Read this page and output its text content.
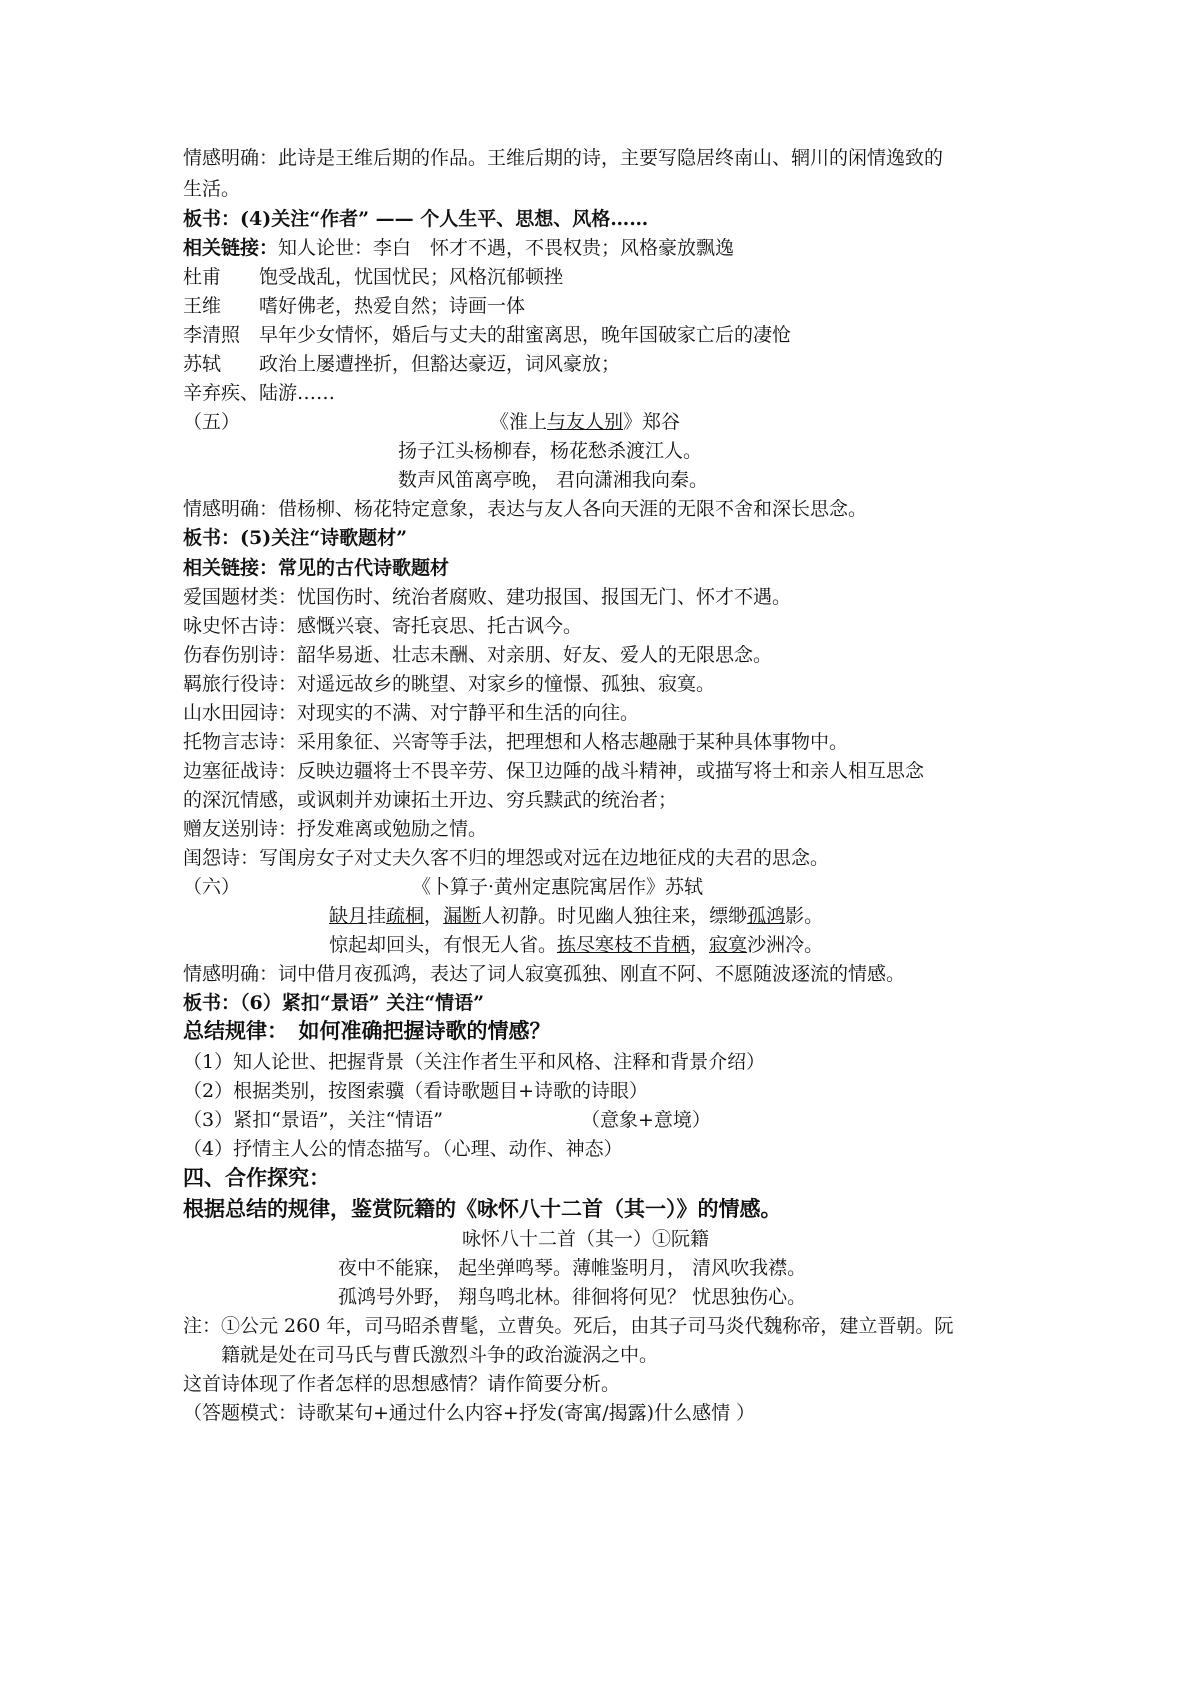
情感明确：此诗是王维后期的作品。王维后期的诗，主要写隐居终南山、辋川的闲情逸致的
生活。
板书：(4)关注“作者” —— 个人生平、思想、风格……
相关链接：知人论世：李白　怀才不遇，不畏权贵；风格豪放飘逸
杜甫 饱受战乱，忧国忧民；风格沉郁顿挫
王维 嗜好佛老，热爱自然；诗画一体
李清照 早年少女情怀，婚后与丈夫的甜蜜离思，晚年国破家亡后的凄怆
苏轼 政治上屡遭挫折，但豁达豪迈，词风豪放；
辛弃疾、陆游……
（五）	《淮上与友人别》郑谷
扬子江头杨柳春，杨花愁杀渡江人。
数声风笛离亭晚， 君向潇湘我向秦。
情感明确：借杨柳、杨花特定意象，表达与友人各向天涯的无限不舍和深长思念。
板书：(5)关注“诗歌题材”
相关链接：常见的古代诗歌题材
爱国题材类：忧国伤时、统治者腐败、建功报国、报国无门、怀才不遇。
咏史怀古诗：感慨兴衰、寄托哀思、托古讽今。
伤春伤别诗：韶华易逝、壮志未酬、对亲朋、好友、爱人的无限思念。
羁旅行役诗：对遥远故乡的眺望、对家乡的憧憬、孤独、寂寞。
山水田园诗：对现实的不满、对宁静平和生活的向往。
托物言志诗：采用象征、兴寄等手法，把理想和人格志趣融于某种具体事物中。
边塞征战诗：反映边疆将士不畏辛劳、保卫边陲的战斗精神，或描写将士和亲人相互思念
的深沉情感，或讽刺并劝谏拓土开边、穷兵黩武的统治者；
赠友送别诗：抒发难离或勉励之情。
闺怨诗：写闺房女子对丈夫久客不归的埋怨或对远在边地征戍的夫君的思念。
（六）	《卜算子·黄州定惠院寓居作》苏轼
缺月挂疏桐，漏断人初静。时见幽人独往来，缥缈孤鸿影。
惊起却回头，有恨无人省。拣尽寒枝不肯栖，寂寞沙洲冷。
情感明确：词中借月夜孤鸿，表达了词人寂寞孤独、刚直不阿、不愿随波逐流的情感。
板书：（6）紧扣“景语” 关注“情语”
总结规律：　如何准确把握诗歌的情感？
（1）知人论世、把握背景（关注作者生平和风格、注释和背景介绍）
（2）根据类别，按图索骥（看诗歌题目+诗歌的诗眼）
（3）紧扣“景语”，关注“情语”	（意象+意境）
（4）抒情主人公的情态描写。（心理、动作、神态）
四、合作探究：
根据总结的规律，鉴赏阮籍的《咏怀八十二首（其一）》的情感。
咏怀八十二首（其一）①阮籍
夜中不能寐， 起坐弹鸣琴。薄帷鉴明月， 清风吹我襟。
孤鸿号外野， 翔鸟鸣北林。徘徊将何见？ 忧思独伤心。
注：①公元 260 年，司马昭杀曹髦，立曹奂。死后，由其子司马炎代魏称帝，建立晋朝。阮
籍就是处在司马氏与曹氏激烈斗争的政治漩涡之中。
这首诗体现了作者怎样的思想感情？请作简要分析。
（答题模式：诗歌某句+通过什么内容+抒发(寄寓/揭露)什么感情 ）
